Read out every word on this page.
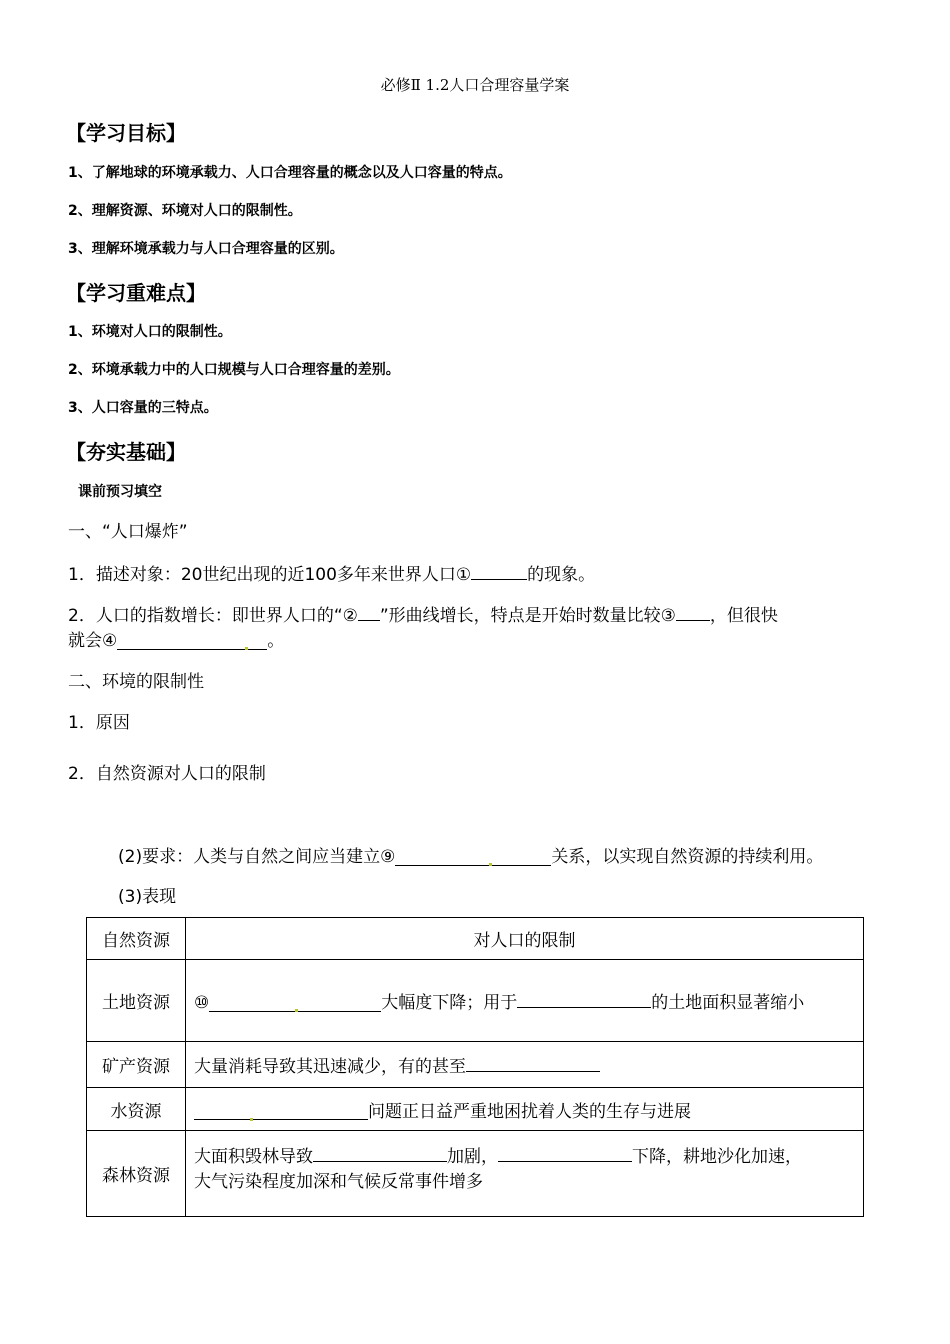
必修Ⅱ 1.2人口合理容量学案
【学习目标】
1、了解地球的环境承载力、人口合理容量的概念以及人口容量的特点。
2、理解资源、环境对人口的限制性。
3、理解环境承载力与人口合理容量的区别。
【学习重难点】
1、环境对人口的限制性。
2、环境承载力中的人口规模与人口合理容量的差别。
3、人口容量的三特点。
【夯实基础】
课前预习填空
一、“人口爆炸”
1．描述对象：20世纪出现的近100多年来世界人口①	的现象。
2．人口的指数增长：即世界人口的“② ”形曲线增长，特点是开始时数量比较③ ，但很快
就会④	。
二、环境的限制性
1．原因
2．自然资源对人口的限制
(2)要求：人类与自然之间应当建立⑨	关系，以实现自然资源的持续利用。
(3)表现
自然资源	对人口的限制
土地资源	⑩ 大幅度下降；用于 的土地面积显著缩小
矿产资源	大量消耗导致其迅速减少，有的甚至
水资源	问题正日益严重地困扰着人类的生存与进展
森林资源	大面积毁林导致 加剧， 下降，耕地沙化加速，
大气污染程度加深和气候反常事件增多
